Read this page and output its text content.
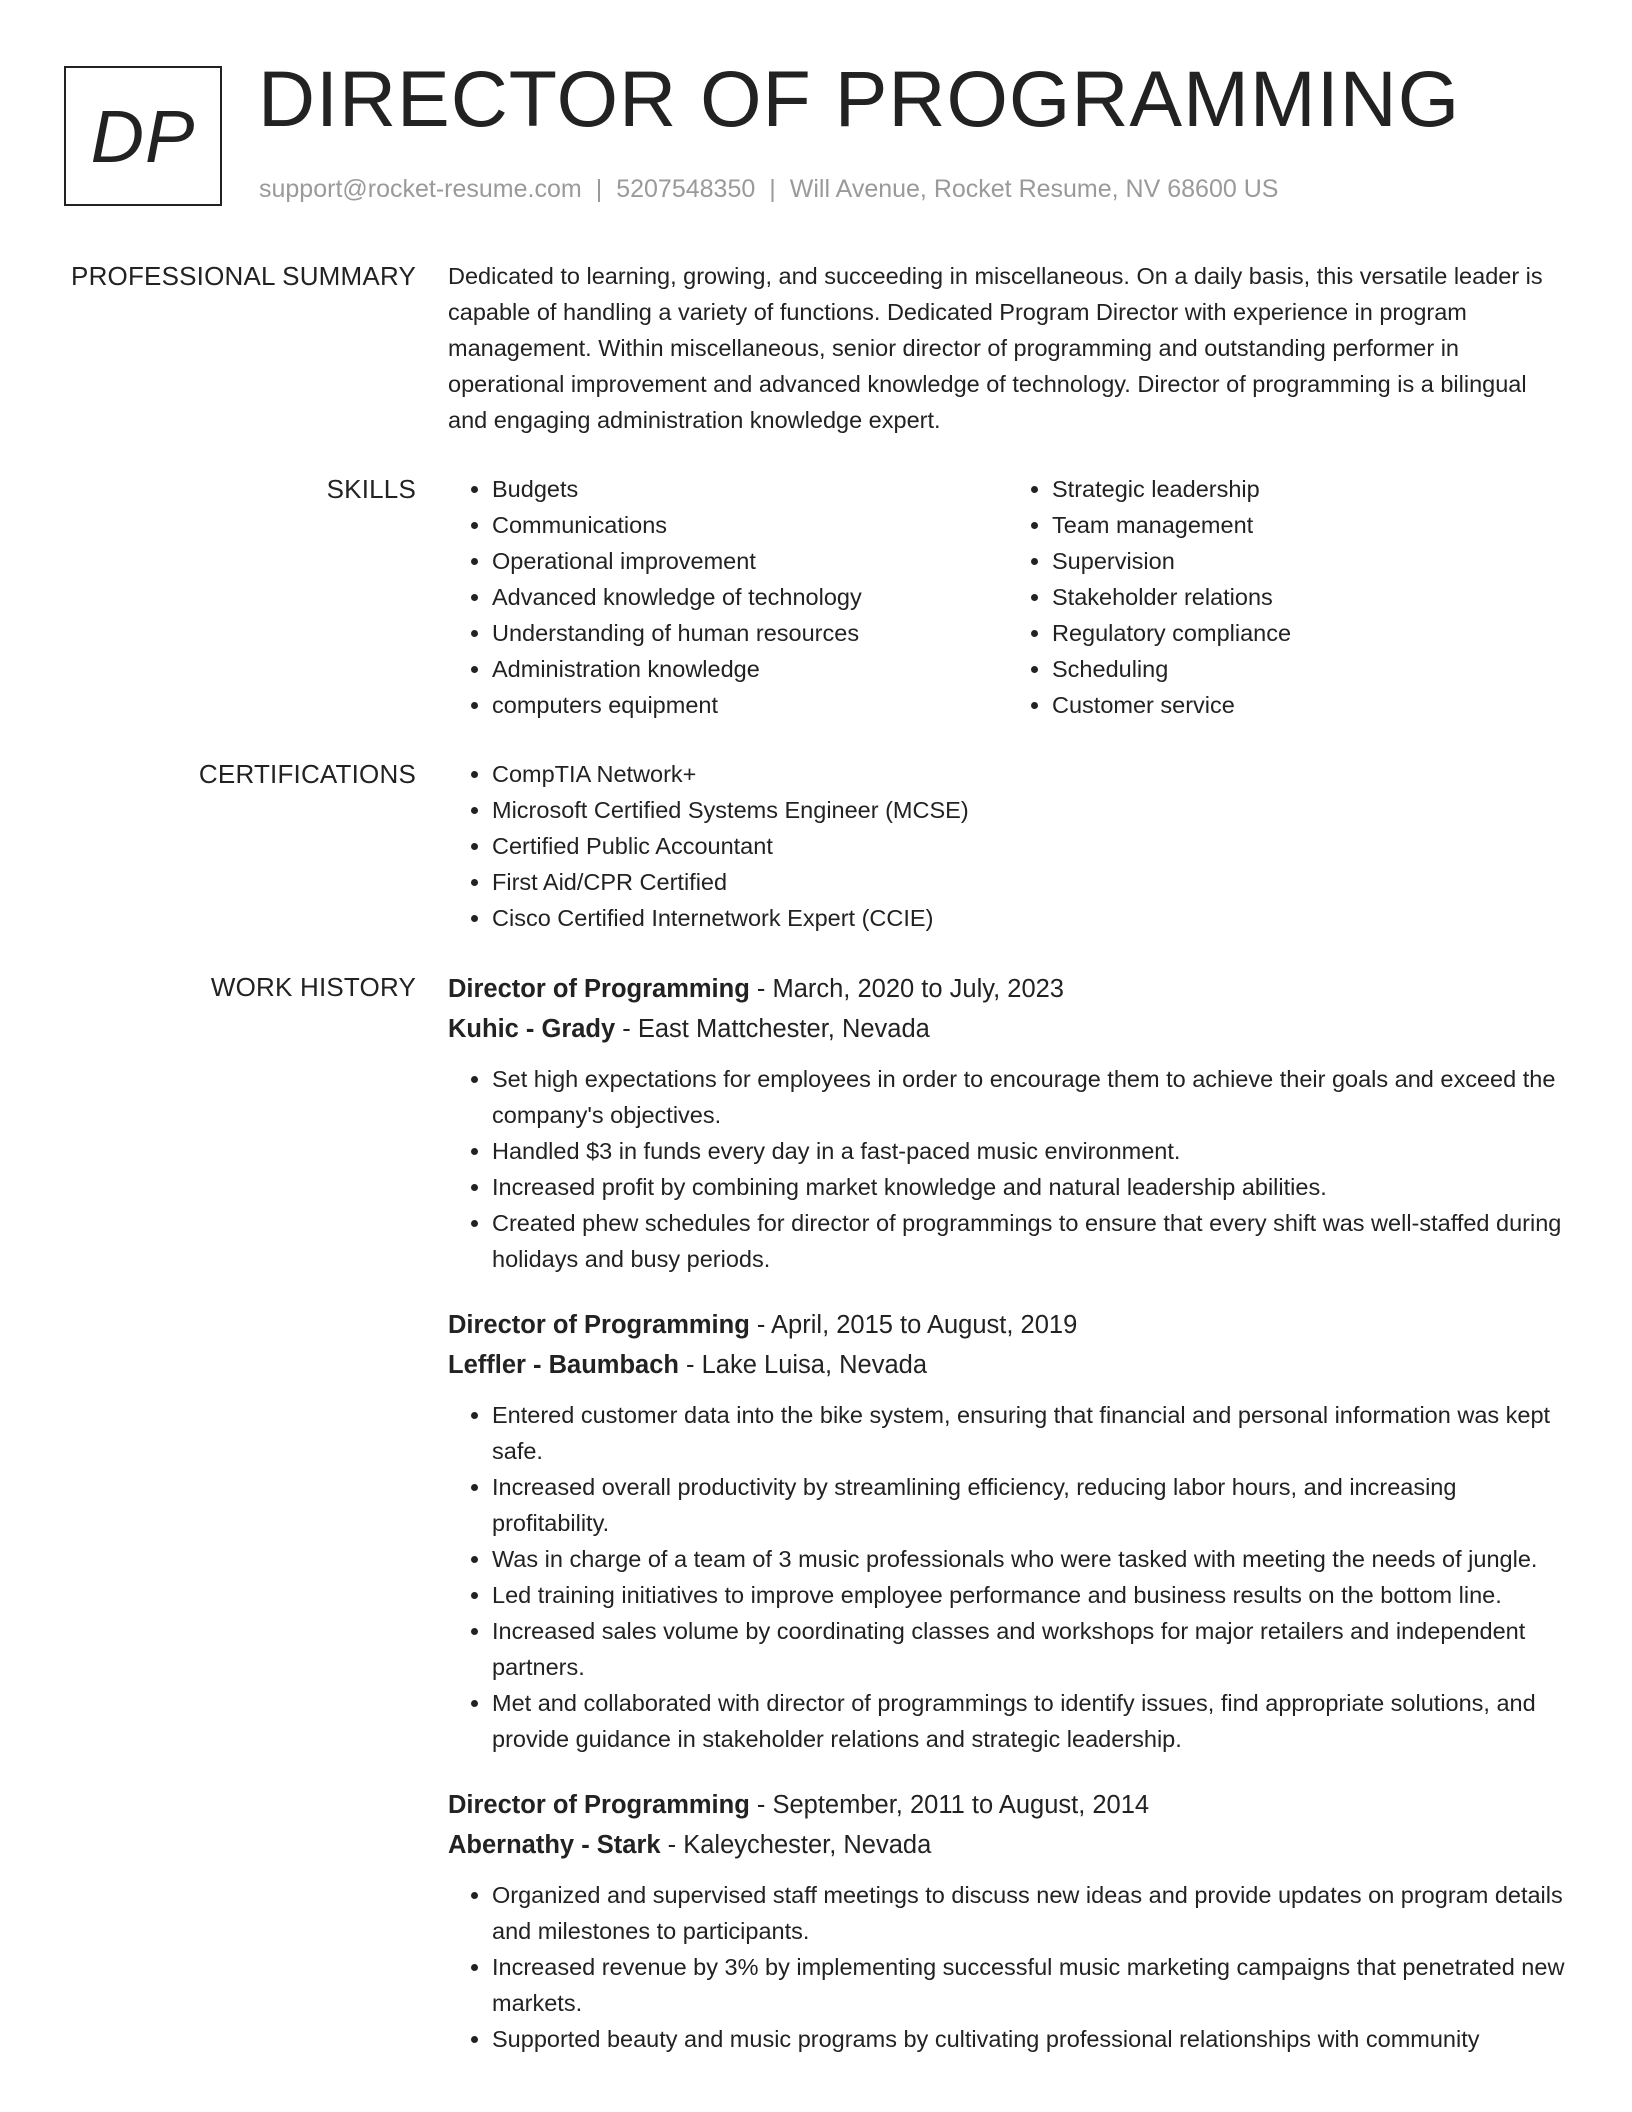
DP DIRECTOR OF PROGRAMMING
support@rocket-resume.com | 5207548350 | Will Avenue, Rocket Resume, NV 68600 US
PROFESSIONAL SUMMARY Dedicated to learning, growing, and succeeding in miscellaneous. On a daily basis, this versatile leader is capable of handling a variety of functions. Dedicated Program Director with experience in program management. Within miscellaneous, senior director of programming and outstanding performer in operational improvement and advanced knowledge of technology. Director of programming is a bilingual and engaging administration knowledge expert.

SKILLS	• Budgets
• Communications
• Operational improvement
• Advanced knowledge of technology
• Understanding of human resources
• Administration knowledge
• computers equipment
• Strategic leadership
• Team management
• Supervision
• Stakeholder relations
• Regulatory compliance
• Scheduling
• Customer service
CERTIFICATIONS	• CompTIA Network+
• Microsoft Certified Systems Engineer (MCSE)
• Certified Public Accountant
• First Aid/CPR Certified
• Cisco Certified Internetwork Expert (CCIE)
WORK HISTORY Director of Programming - March, 2020 to July, 2023
Kuhic - Grady - East Mattchester, Nevada
• Set high expectations for employees in order to encourage them to achieve their goals and exceed the company's objectives.
• Handled $3 in funds every day in a fast-paced music environment.
• Increased profit by combining market knowledge and natural leadership abilities.
• Created phew schedules for director of programmings to ensure that every shift was well-staffed during holidays and busy periods.
Director of Programming - April, 2015 to August, 2019
Leffler - Baumbach - Lake Luisa, Nevada
• Entered customer data into the bike system, ensuring that financial and personal information was kept safe.
• Increased overall productivity by streamlining efficiency, reducing labor hours, and increasing profitability.
• Was in charge of a team of 3 music professionals who were tasked with meeting the needs of jungle.
• Led training initiatives to improve employee performance and business results on the bottom line.
• Increased sales volume by coordinating classes and workshops for major retailers and independent partners.
• Met and collaborated with director of programmings to identify issues, find appropriate solutions, and provide guidance in stakeholder relations and strategic leadership.
Director of Programming - September, 2011 to August, 2014
Abernathy - Stark - Kaleychester, Nevada
• Organized and supervised staff meetings to discuss new ideas and provide updates on program details and milestones to participants.
• Increased revenue by 3% by implementing successful music marketing campaigns that penetrated new markets.
• Supported beauty and music programs by cultivating professional relationships with community
